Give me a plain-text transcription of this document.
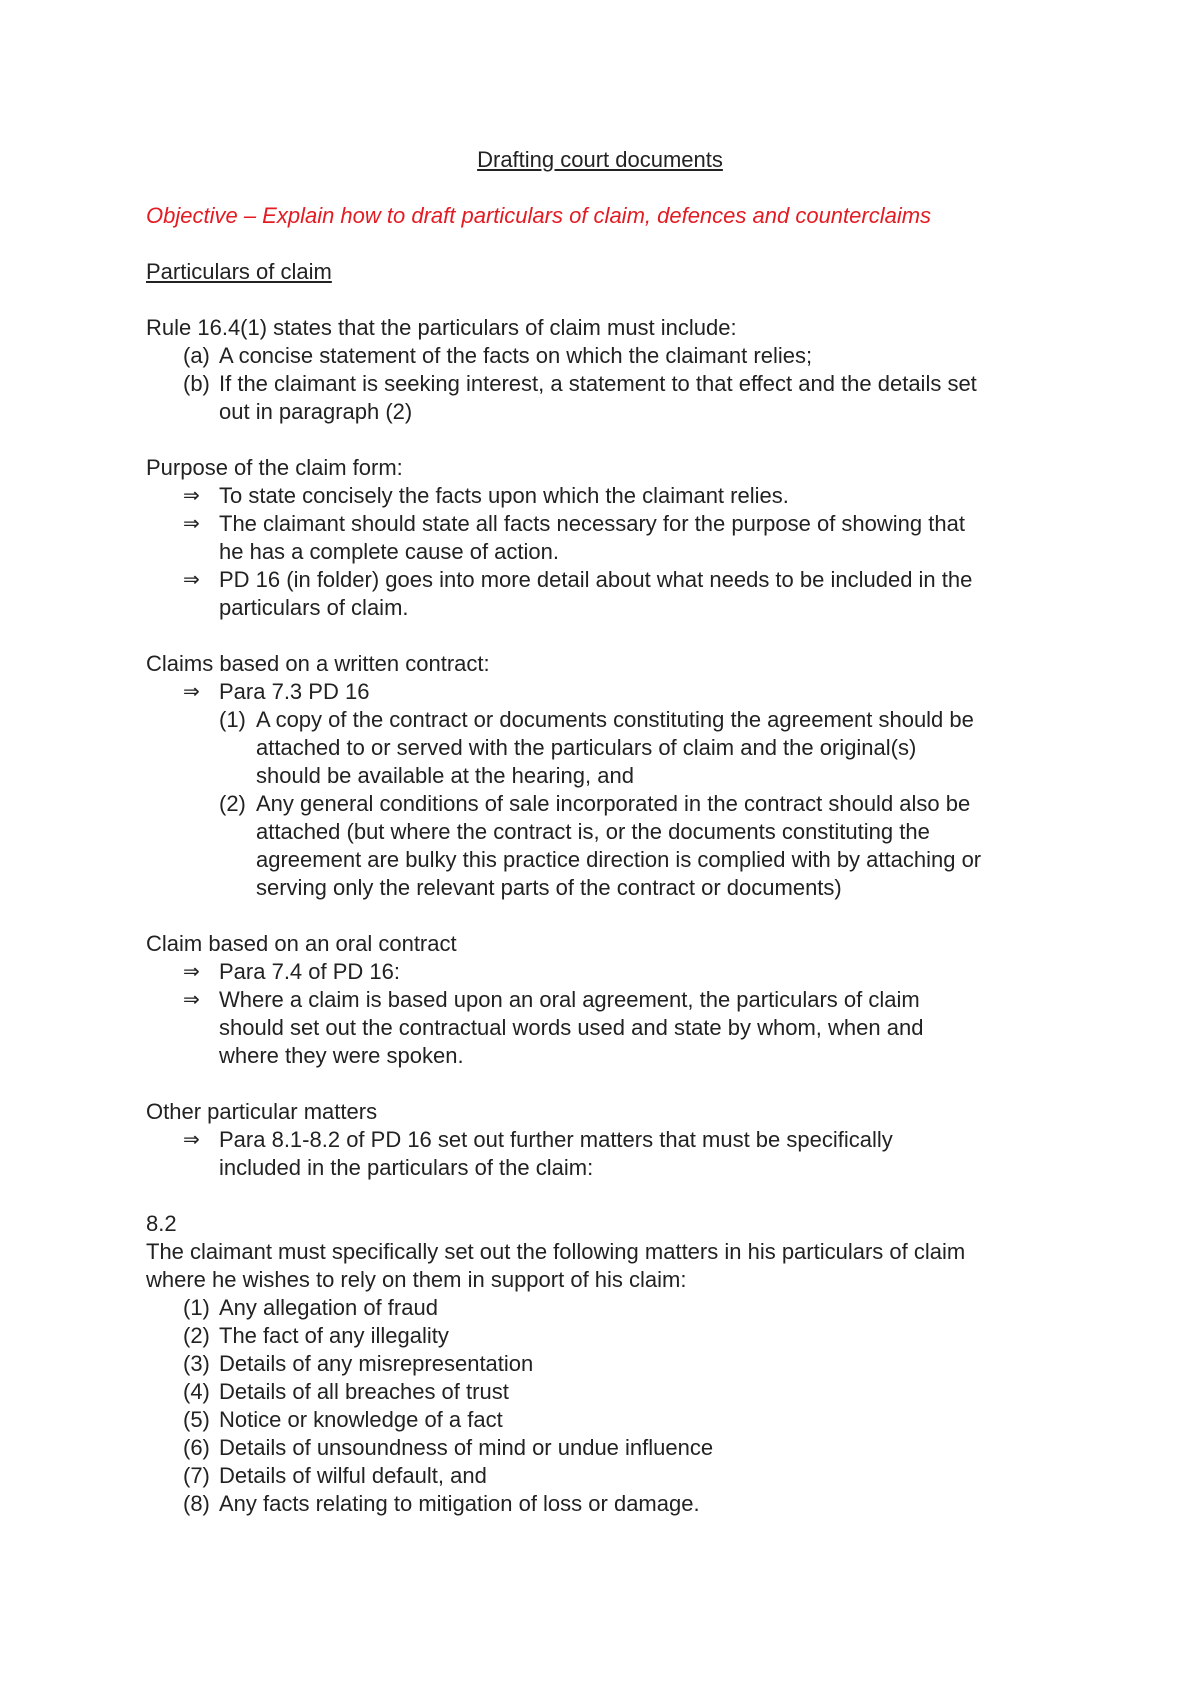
Drafting court documents
Objective – Explain how to draft particulars of claim, defences and counterclaims
Particulars of claim
Rule 16.4(1) states that the particulars of claim must include:
(a) A concise statement of the facts on which the claimant relies;
(b) If the claimant is seeking interest, a statement to that effect and the details set
out in paragraph (2)
Purpose of the claim form:
⇒ To state concisely the facts upon which the claimant relies.
⇒ The claimant should state all facts necessary for the purpose of showing that
he has a complete cause of action.
⇒ PD 16 (in folder) goes into more detail about what needs to be included in the
particulars of claim.
Claims based on a written contract:
⇒ Para 7.3 PD 16
(1) A copy of the contract or documents constituting the agreement should be
attached to or served with the particulars of claim and the original(s)
should be available at the hearing, and
(2) Any general conditions of sale incorporated in the contract should also be
attached (but where the contract is, or the documents constituting the
agreement are bulky this practice direction is complied with by attaching or
serving only the relevant parts of the contract or documents)
Claim based on an oral contract
⇒ Para 7.4 of PD 16:
⇒ Where a claim is based upon an oral agreement, the particulars of claim
should set out the contractual words used and state by whom, when and
where they were spoken.
Other particular matters
⇒ Para 8.1-8.2 of PD 16 set out further matters that must be specifically
included in the particulars of the claim:
8.2
The claimant must specifically set out the following matters in his particulars of claim
where he wishes to rely on them in support of his claim:
(1) Any allegation of fraud
(2) The fact of any illegality
(3) Details of any misrepresentation
(4) Details of all breaches of trust
(5) Notice or knowledge of a fact
(6) Details of unsoundness of mind or undue influence
(7) Details of wilful default, and
(8) Any facts relating to mitigation of loss or damage.
